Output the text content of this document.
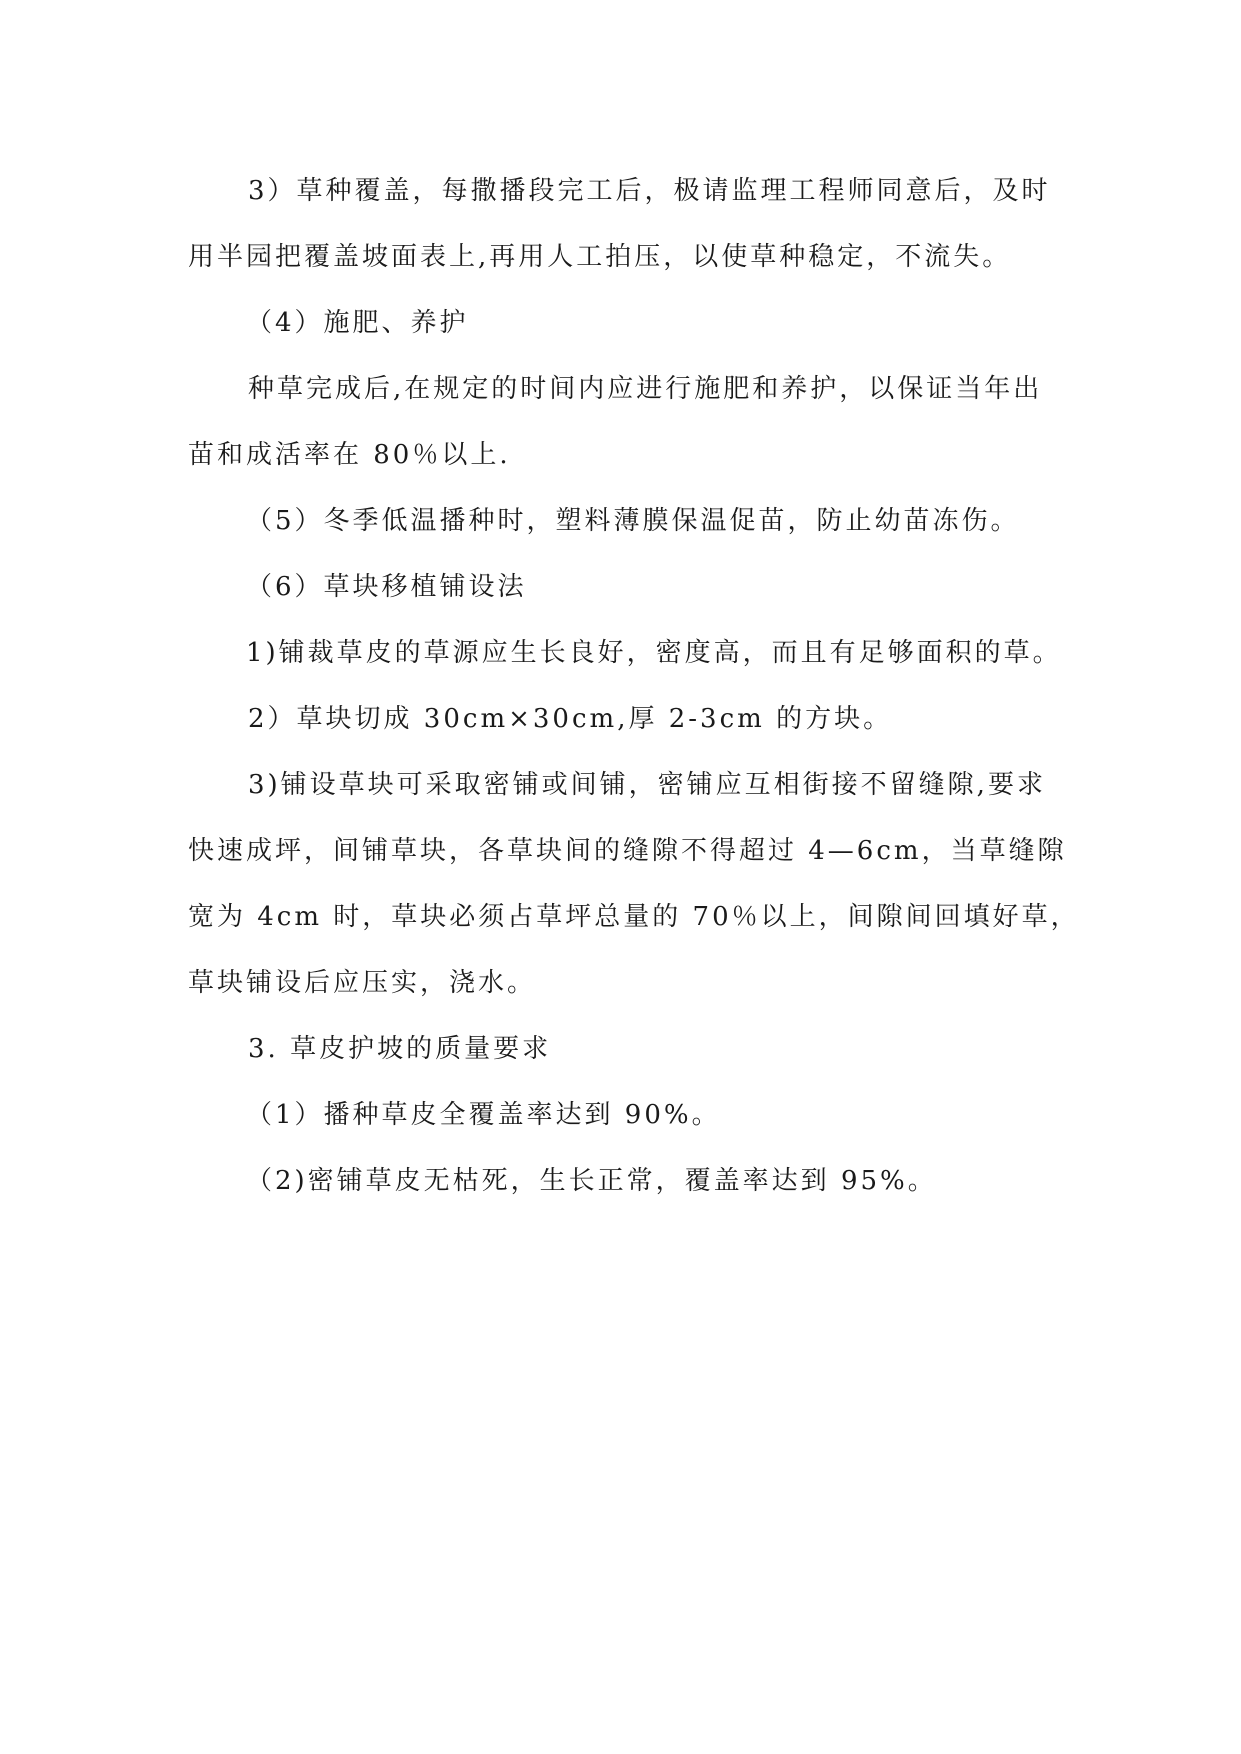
3）草种覆盖，每撒播段完工后，极请监理工程师同意后，及时
用半园把覆盖坡面表上,再用人工拍压，以使草种稳定，不流失。
（4）施肥、养护
种草完成后,在规定的时间内应进行施肥和养护，以保证当年出
苗和成活率在 80％以上.
（5）冬季低温播种时，塑料薄膜保温促苗，防止幼苗冻伤。
（6）草块移植铺设法
1)铺裁草皮的草源应生长良好，密度高，而且有足够面积的草。
2）草块切成 30cm×30cm,厚 2-3cm 的方块。
3)铺设草块可采取密铺或间铺，密铺应互相街接不留缝隙,要求
快速成坪，间铺草块，各草块间的缝隙不得超过 4—6cm，当草缝隙
宽为 4cm 时，草块必须占草坪总量的 70％以上，间隙间回填好草，
草块铺设后应压实，浇水。
3. 草皮护坡的质量要求
（1）播种草皮全覆盖率达到 90%。
（2)密铺草皮无枯死，生长正常，覆盖率达到 95%。
